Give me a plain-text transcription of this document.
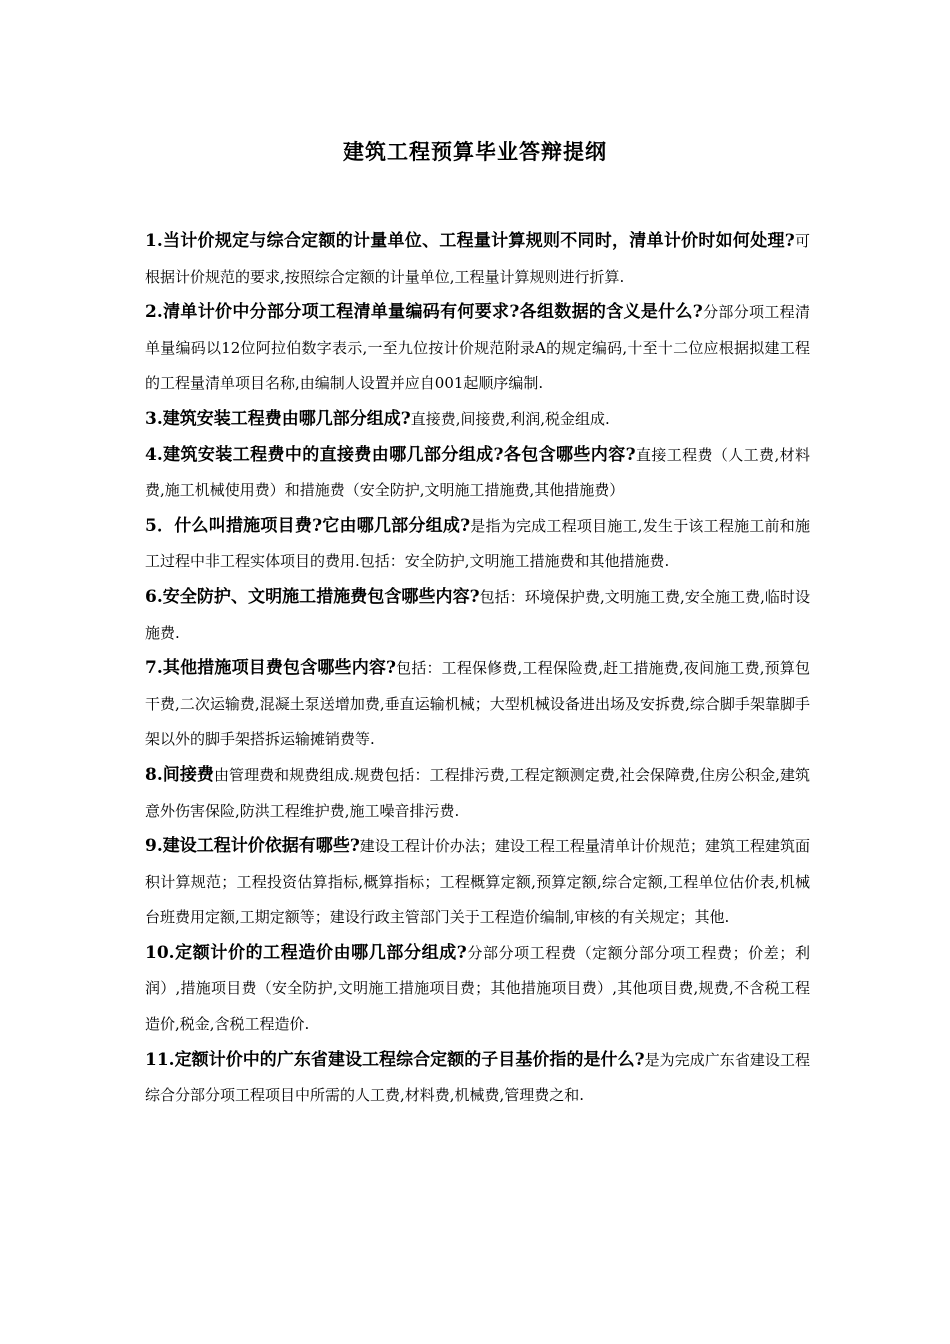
建筑工程预算毕业答辩提纲
1.当计价规定与综合定额的计量单位、工程量计算规则不同时，清单计价时如何处理?可根据计价规范的要求,按照综合定额的计量单位,工程量计算规则进行折算.
2.清单计价中分部分项工程清单量编码有何要求?各组数据的含义是什么?分部分项工程清单量编码以12位阿拉伯数字表示,一至九位按计价规范附录A的规定编码,十至十二位应根据拟建工程的工程量清单项目名称,由编制人设置并应自001起顺序编制.
3.建筑安装工程费由哪几部分组成?直接费,间接费,利润,税金组成.
4.建筑安装工程费中的直接费由哪几部分组成?各包含哪些内容?直接工程费（人工费,材料费,施工机械使用费）和措施费（安全防护,文明施工措施费,其他措施费）
5．什么叫措施项目费?它由哪几部分组成?是指为完成工程项目施工,发生于该工程施工前和施工过程中非工程实体项目的费用.包括：安全防护,文明施工措施费和其他措施费.
6.安全防护、文明施工措施费包含哪些内容?包括：环境保护费,文明施工费,安全施工费,临时设施费.
7.其他措施项目费包含哪些内容?包括：工程保修费,工程保险费,赶工措施费,夜间施工费,预算包干费,二次运输费,混凝土泵送增加费,垂直运输机械；大型机械设备进出场及安拆费,综合脚手架靠脚手架以外的脚手架搭拆运输摊销费等.
8.间接费由管理费和规费组成.规费包括：工程排污费,工程定额测定费,社会保障费,住房公积金,建筑意外伤害保险,防洪工程维护费,施工噪音排污费.
9.建设工程计价依据有哪些?建设工程计价办法；建设工程工程量清单计价规范；建筑工程建筑面积计算规范；工程投资估算指标,概算指标；工程概算定额,预算定额,综合定额,工程单位估价表,机械台班费用定额,工期定额等；建设行政主管部门关于工程造价编制,审核的有关规定；其他.
10.定额计价的工程造价由哪几部分组成?分部分项工程费（定额分部分项工程费；价差；利润）,措施项目费（安全防护,文明施工措施项目费；其他措施项目费）,其他项目费,规费,不含税工程造价,税金,含税工程造价.
11.定额计价中的广东省建设工程综合定额的子目基价指的是什么?是为完成广东省建设工程综合分部分项工程项目中所需的人工费,材料费,机械费,管理费之和.
